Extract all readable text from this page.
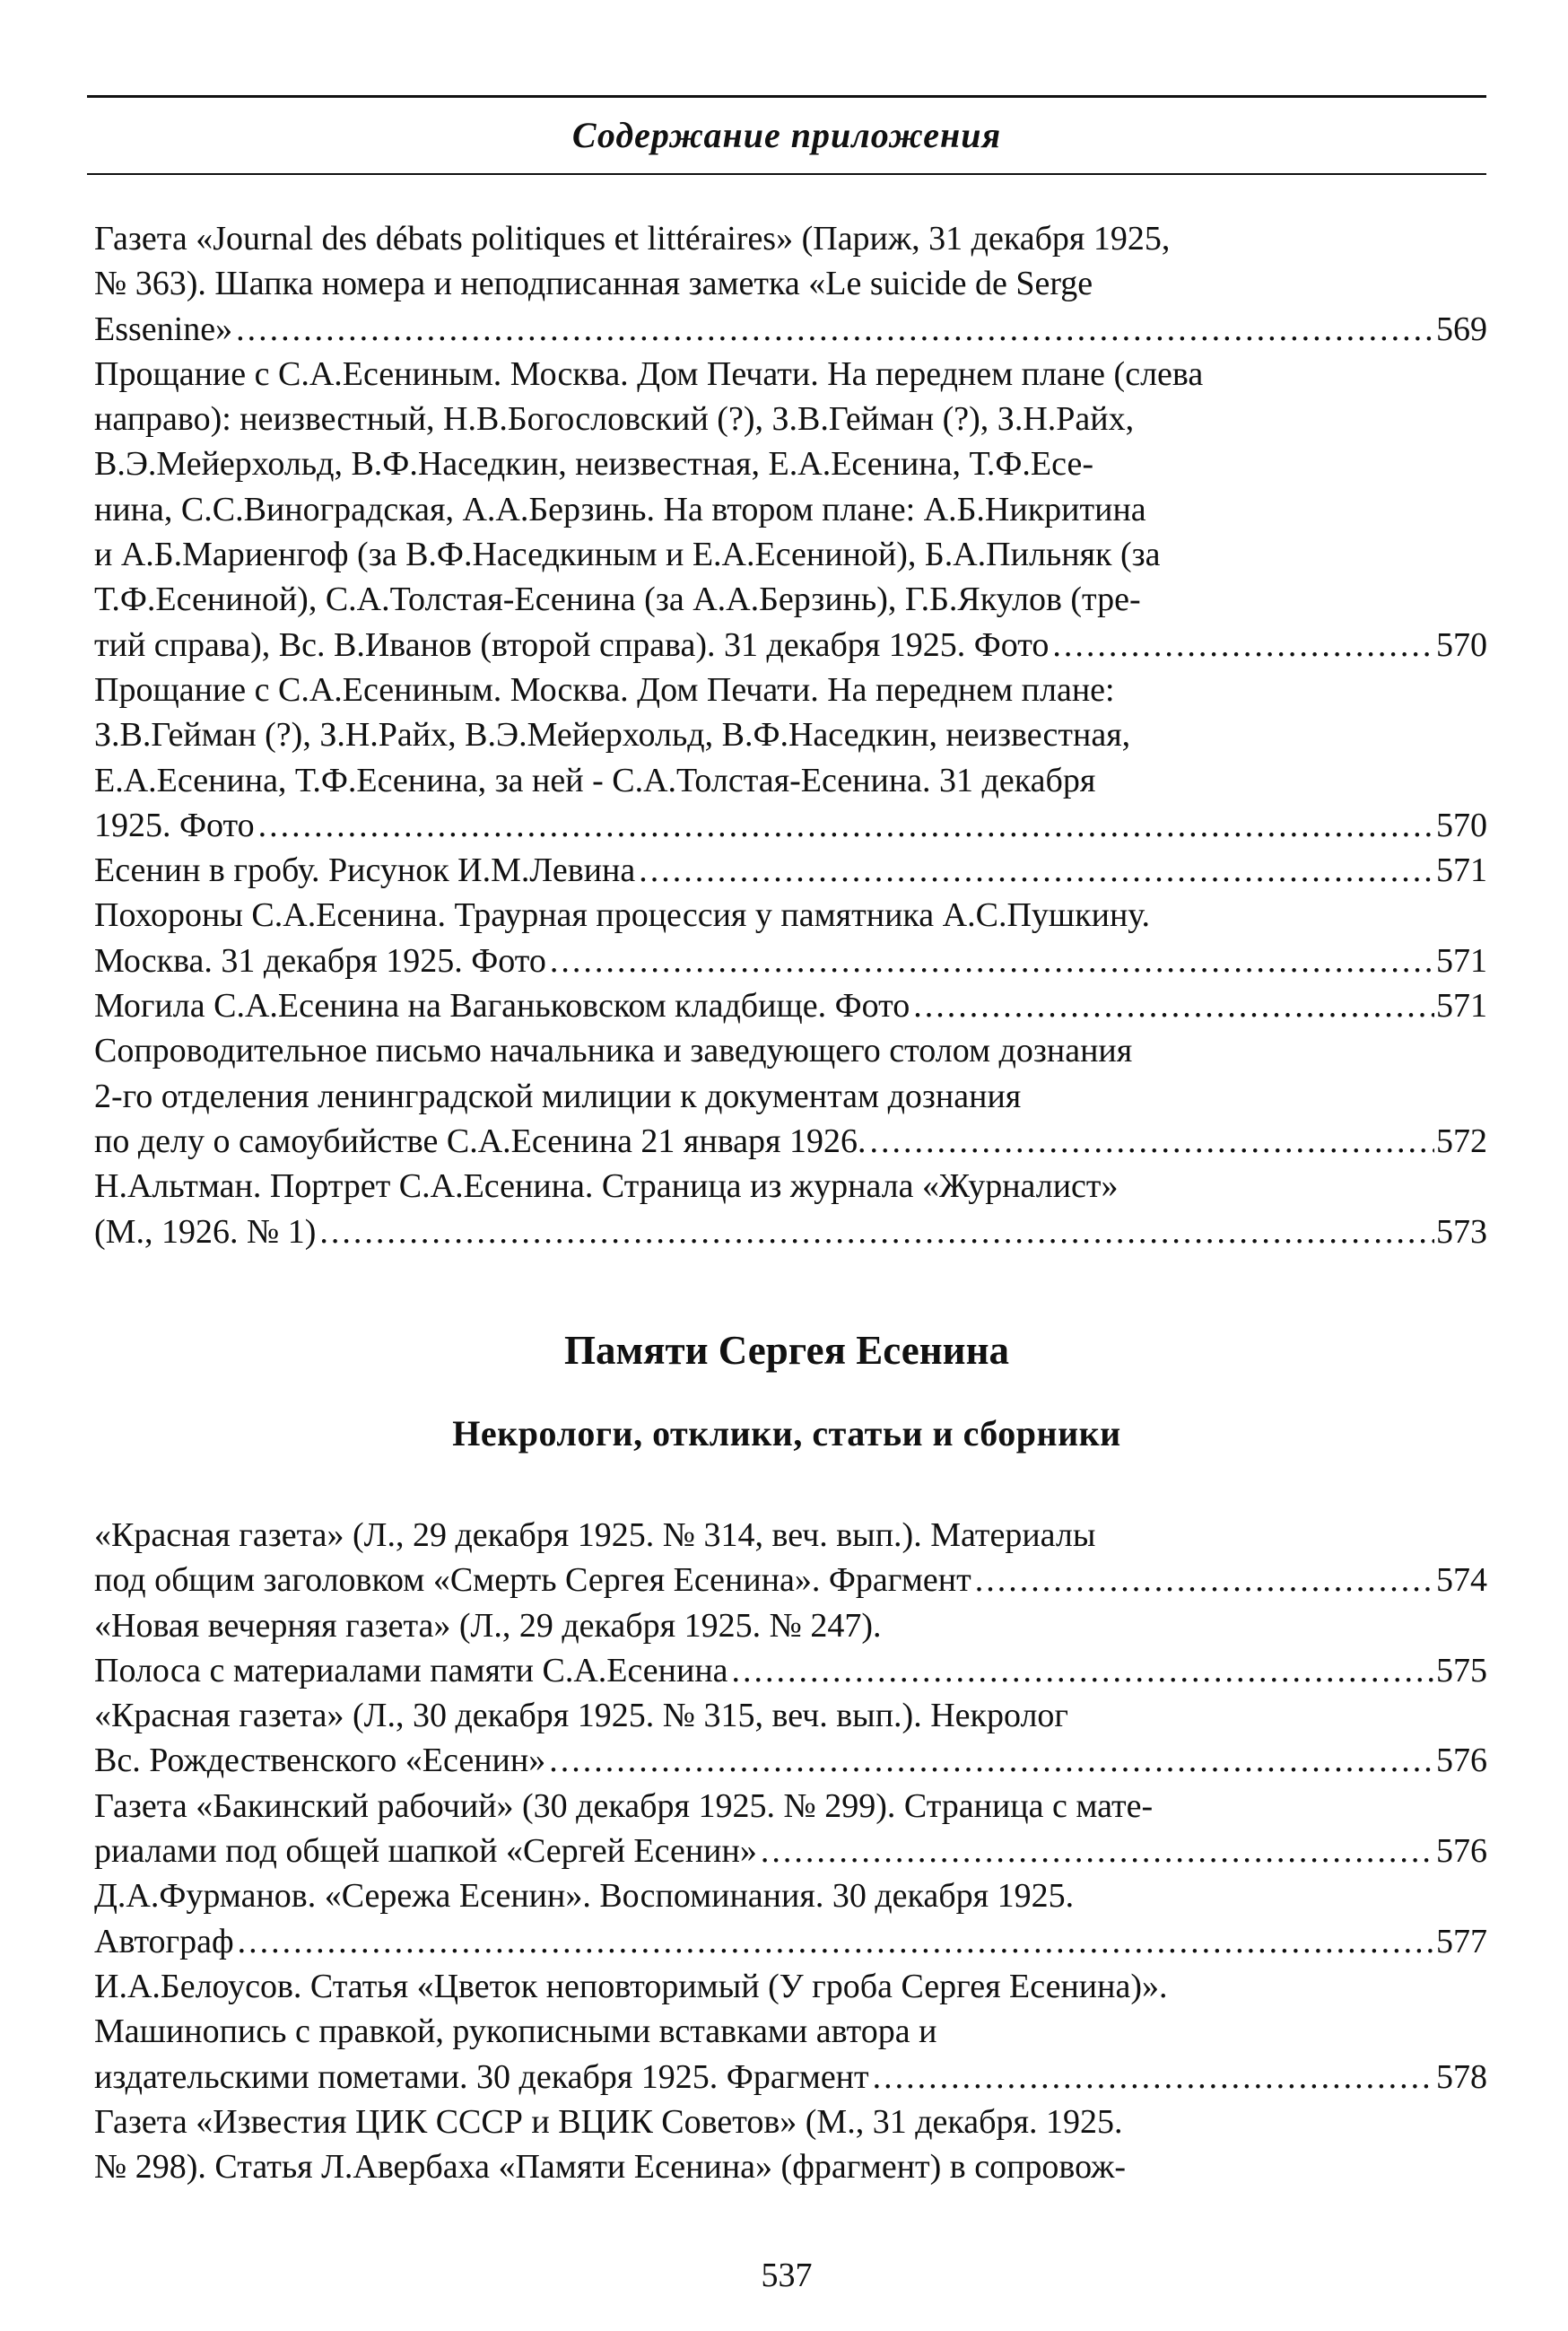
Содержание приложения
Газета «Journal des débats politiques et littéraires» (Париж, 31 декабря 1925,
№ 363). Шапка номера и неподписанная заметка «Le suicide de Serge
Essenine» .....	569
Прощание с С.А.Есениным. Москва. Дом Печати. На переднем плане (слева
направо): неизвестный, Н.В.Богословский (?), З.В.Гейман (?), З.Н.Райх,
В.Э.Мейерхольд, В.Ф.Наседкин, неизвестная, Е.А.Есенина, Т.Ф.Есе-
нина, С.С.Виноградская, А.А.Берзинь. На втором плане: А.Б.Никритина
и А.Б.Мариенгоф (за В.Ф.Наседкиным и Е.А.Есениной), Б.А.Пильняк (за
Т.Ф.Есениной), С.А.Толстая-Есенина (за А.А.Берзинь), Г.Б.Якулов (тре-
тий справа), Вс. В.Иванов (второй справа). 31 декабря 1925. Фото .....	570
Прощание с С.А.Есениным. Москва. Дом Печати. На переднем плане:
З.В.Гейман (?), З.Н.Райх, В.Э.Мейерхольд, В.Ф.Наседкин, неизвестная,
Е.А.Есенина, Т.Ф.Есенина, за ней - С.А.Толстая-Есенина. 31 декабря
1925. Фото .....	570
Есенин в гробу. Рисунок И.М.Левина .....	571
Похороны С.А.Есенина. Траурная процессия у памятника А.С.Пушкину.
Москва. 31 декабря 1925. Фото .....	571
Могила С.А.Есенина на Ваганьковском кладбище. Фото .....	571
Сопроводительное письмо начальника и заведующего столом дознания
2-го отделения ленинградской милиции к документам дознания
по делу о самоубийстве С.А.Есенина 21 января 1926. .....	572
Н.Альтман. Портрет С.А.Есенина. Страница из журнала «Журналист»
(М., 1926. № 1) .....	573
Памяти Сергея Есенина
Некрологи, отклики, статьи и сборники
«Красная газета» (Л., 29 декабря 1925. № 314, веч. вып.). Материалы
под общим заголовком «Смерть Сергея Есенина». Фрагмент .....	574
«Новая вечерняя газета» (Л., 29 декабря 1925. № 247).
Полоса с материалами памяти С.А.Есенина .....	575
«Красная газета» (Л., 30 декабря 1925. № 315, веч. вып.). Некролог
Вс. Рождественского «Есенин» .....	576
Газета «Бакинский рабочий» (30 декабря 1925. № 299). Страница с мате-
риалами под общей шапкой «Сергей Есенин» .....	576
Д.А.Фурманов. «Сережа Есенин». Воспоминания. 30 декабря 1925.
Автограф .....	577
И.А.Белоусов. Статья «Цветок неповторимый (У гроба Сергея Есенина)».
Машинопись с правкой, рукописными вставками автора и
издательскими пометами. 30 декабря 1925. Фрагмент .....	578
Газета «Известия ЦИК СССР и ВЦИК Советов» (М., 31 декабря. 1925.
№ 298). Статья Л.Авербаха «Памяти Есенина» (фрагмент) в сопровож-
537
